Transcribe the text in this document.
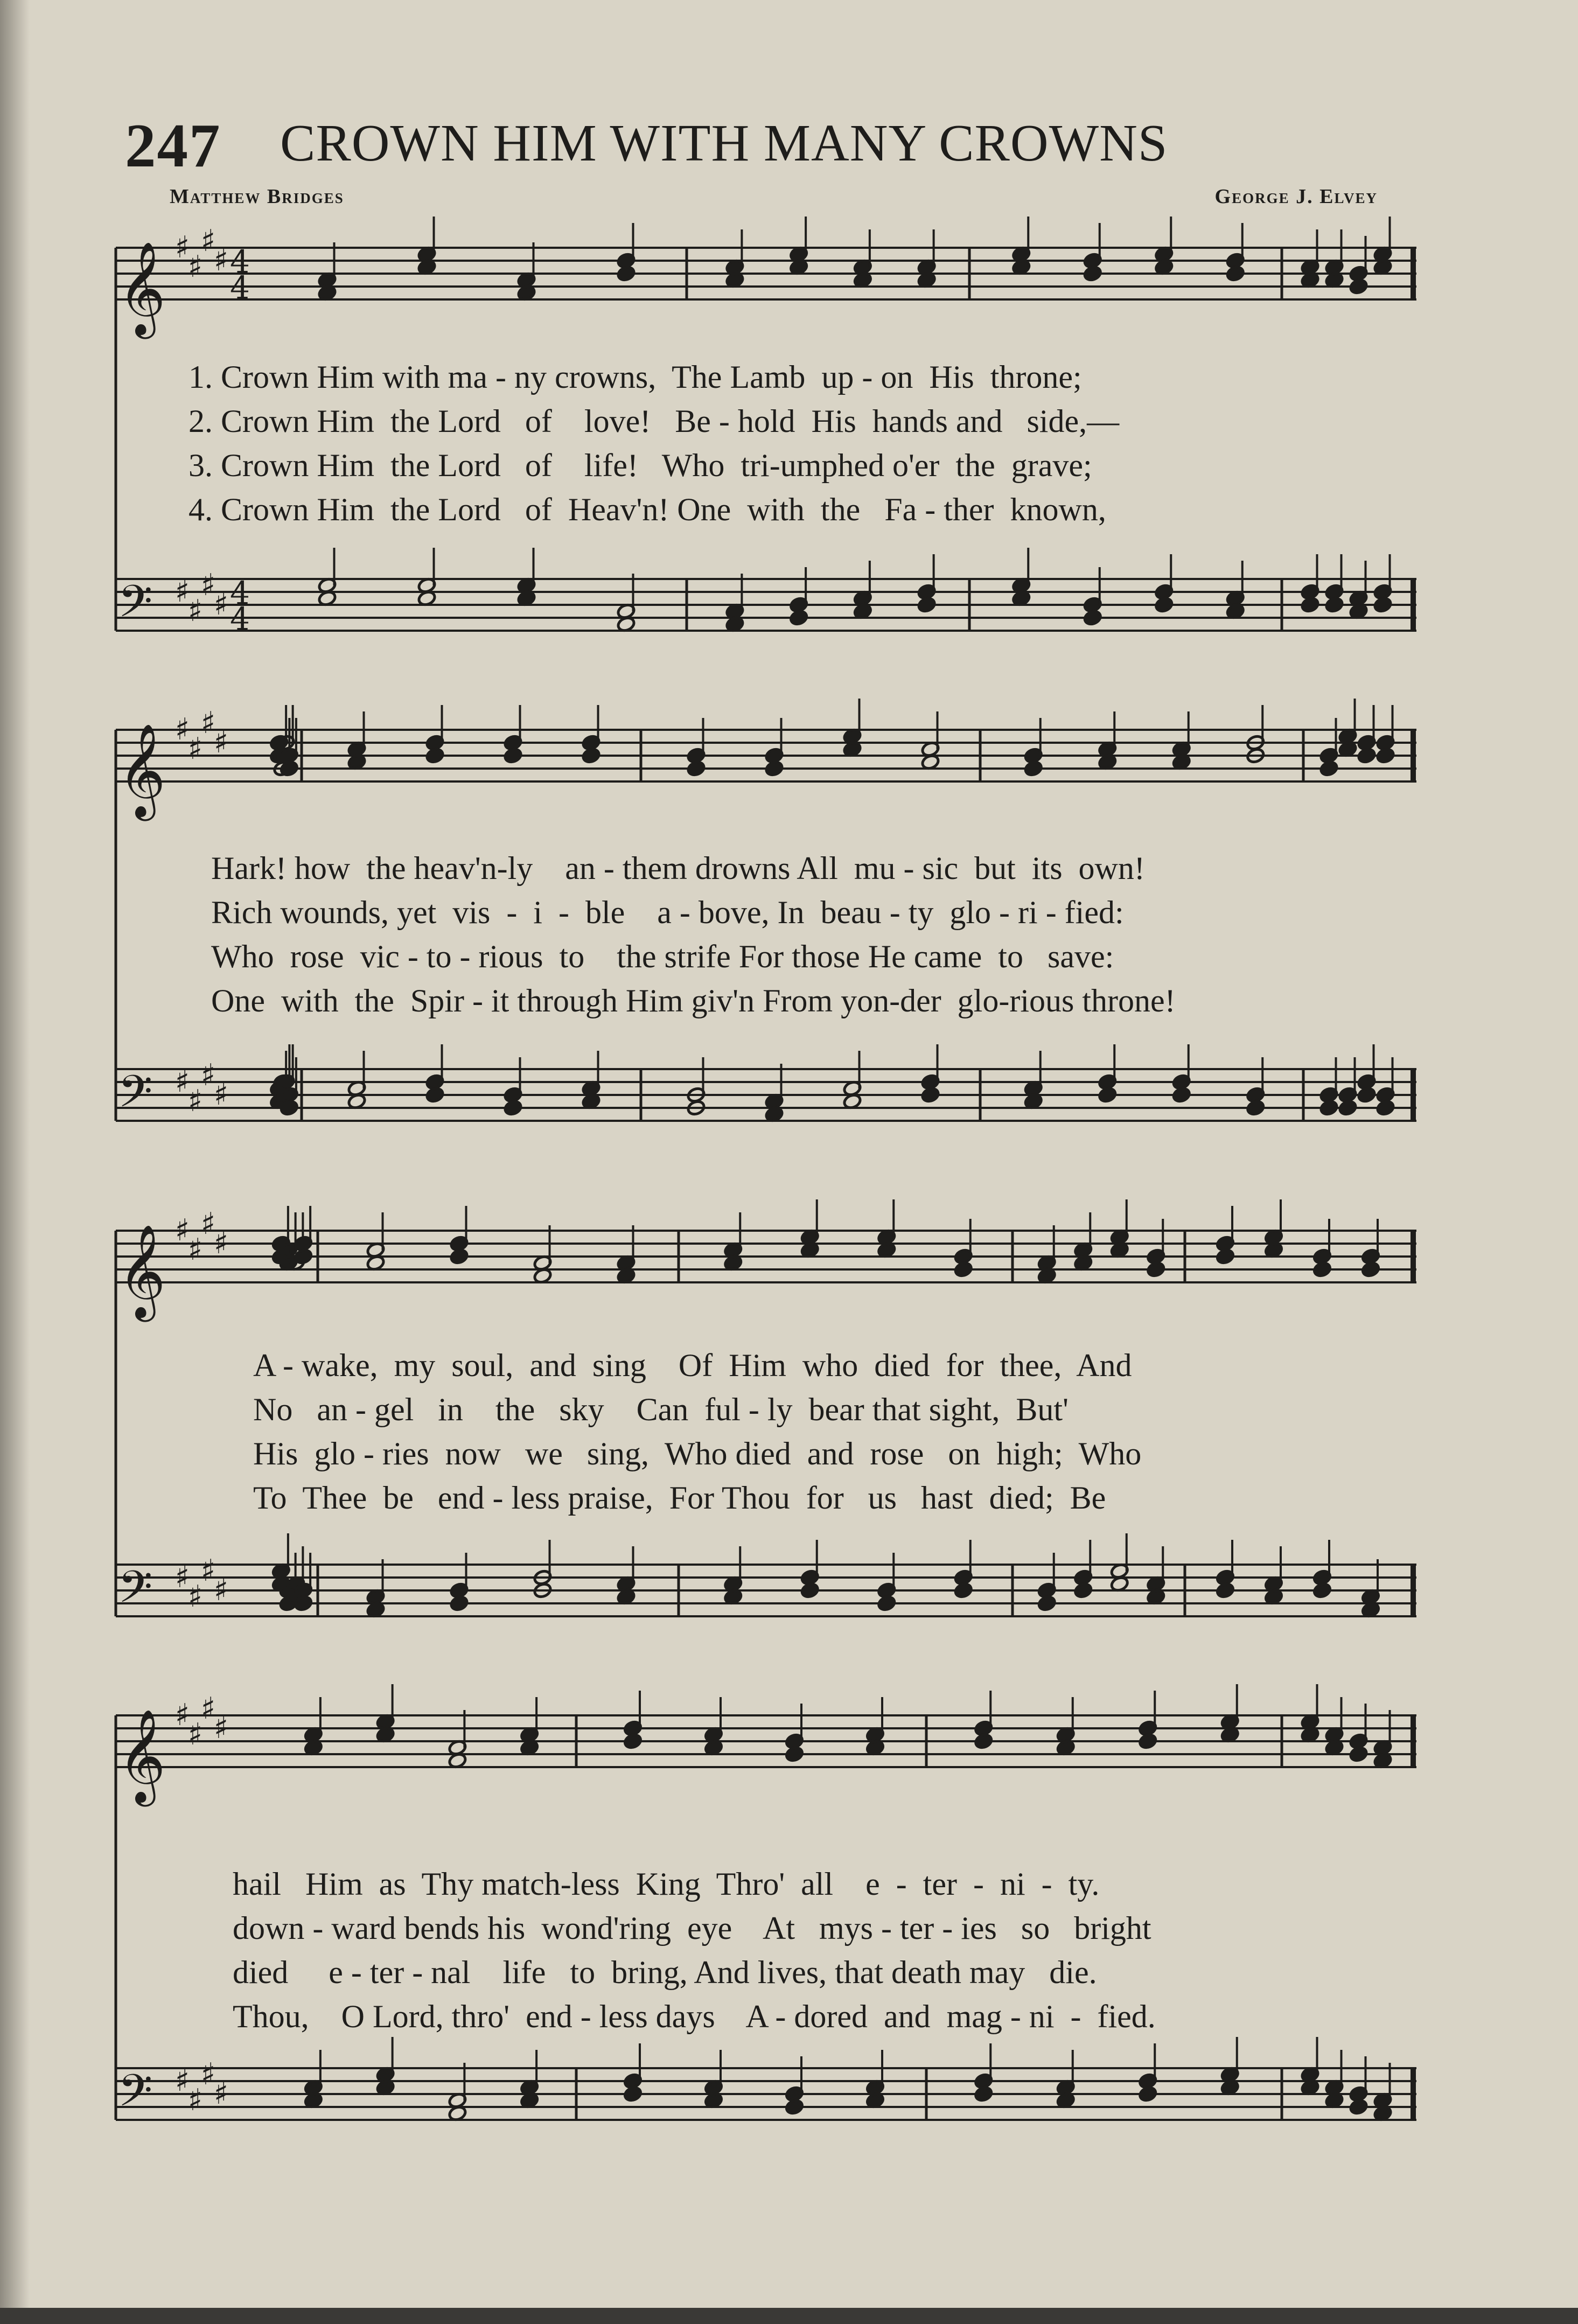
247 CROWN HIM WITH MANY CROWNS
Matthew Bridges	George J. Elvey
𝄞 ♯
♯
♯
♯ 4
4
𝄢 ♯
♯
♯
♯ 4
4
𝄞 ♯
♯
♯
♯
𝄢 ♯
♯
♯
♯
𝄞 ♯
♯
♯
♯
𝄢 ♯
♯
♯
♯
𝄞 ♯
♯
♯
♯
𝄢 ♯
♯
♯
♯
1. Crown Him with ma - ny crowns,  The Lamb  up - on  His  throne;
2. Crown Him  the Lord   of    love!   Be - hold  His  hands and   side,—
3. Crown Him  the Lord   of    life!   Who  tri-umphed o'er  the  grave;
4. Crown Him  the Lord   of  Heav'n! One  with  the   Fa - ther  known,
Hark! how  the heav'n-ly    an - them drowns All  mu - sic  but  its  own!
Rich wounds, yet  vis  -  i  -  ble    a - bove, In  beau - ty  glo - ri - fied:
Who  rose  vic - to - rious  to    the strife For those He came  to   save:
One  with  the  Spir - it through Him giv'n From yon-der  glo-rious throne!
A - wake,  my  soul,  and  sing    Of  Him  who  died  for  thee,  And
No   an - gel   in    the   sky    Can  ful - ly  bear that sight,  But'
His  glo - ries  now   we   sing,  Who died  and  rose   on  high;  Who
To  Thee  be   end - less praise,  For Thou  for   us   hast  died;  Be
hail   Him  as  Thy match-less  King  Thro'  all    e  -  ter  -  ni  -  ty.
down - ward bends his  wond'ring  eye    At   mys - ter - ies   so   bright
died     e - ter - nal    life   to  bring, And lives, that death may   die.
Thou,    O Lord, thro'  end - less days    A - dored  and  mag - ni  -  fied.
